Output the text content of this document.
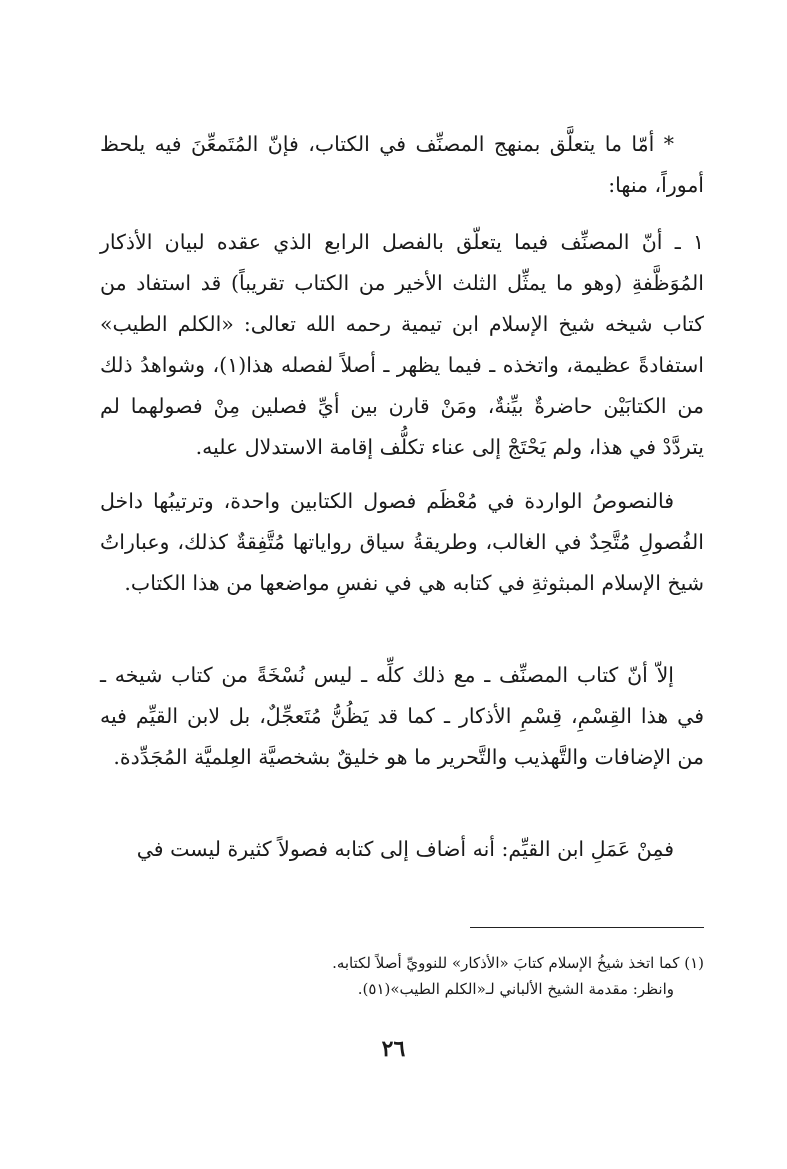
* أمّا ما يتعلَّق بمنهج المصنِّف في الكتاب، فإنّ المُتَمعِّنَ فيه يلحظ أموراً، منها:

١ ـ أنّ المصنِّف فيما يتعلّق بالفصل الرابع الذي عقده لبيان الأذكار المُوَظَّفةِ (وهو ما يمثِّل الثلث الأخير من الكتاب تقريباً) قد استفاد من كتاب شيخه شيخ الإسلام ابن تيمية رحمه الله تعالى: «الكلم الطيب» استفادةً عظيمة، واتخذه ـ فيما يظهر ـ أصلاً لفصله هذا(١)، وشواهدُ ذلك من الكتابَيْن حاضرةٌ بيِّنةٌ، ومَنْ قارن بين أيِّ فصلين مِنْ فصولهما لم يتردَّدْ في هذا، ولم يَحْتَجْ إلى عناء تكلُّف إقامة الاستدلال عليه.

فالنصوصُ الواردة في مُعْظَم فصول الكتابين واحدة، وترتيبُها داخل الفُصولِ مُتَّحِدٌ في الغالب، وطريقةُ سياق رواياتها مُتَّفِقةٌ كذلك، وعباراتُ شيخ الإسلام المبثوثةِ في كتابه هي في نفسِ مواضعها من هذا الكتاب.

إلاّ أنّ كتاب المصنِّف ـ مع ذلك كلِّه ـ ليس نُسْخَةً من كتاب شيخه ـ في هذا القِسْمِ، قِسْمِ الأذكار ـ كما قد يَظُنُّ مُتَعجِّلٌ، بل لابن القيِّم فيه من الإضافات والتَّهذيب والتَّحرير ما هو خليقٌ بشخصيَّة العِلميَّة المُجَدِّدة.

فمِنْ عَمَلِ ابن القيِّم: أنه أضاف إلى كتابه فصولاً كثيرة ليست في

(١) كما اتخذ شيخُ الإسلام كتابَ «الأذكار» للنوويِّ أصلاً لكتابه.
وانظر: مقدمة الشيخ الألباني لـ«الكلم الطيب»(٥١).
٢٦
